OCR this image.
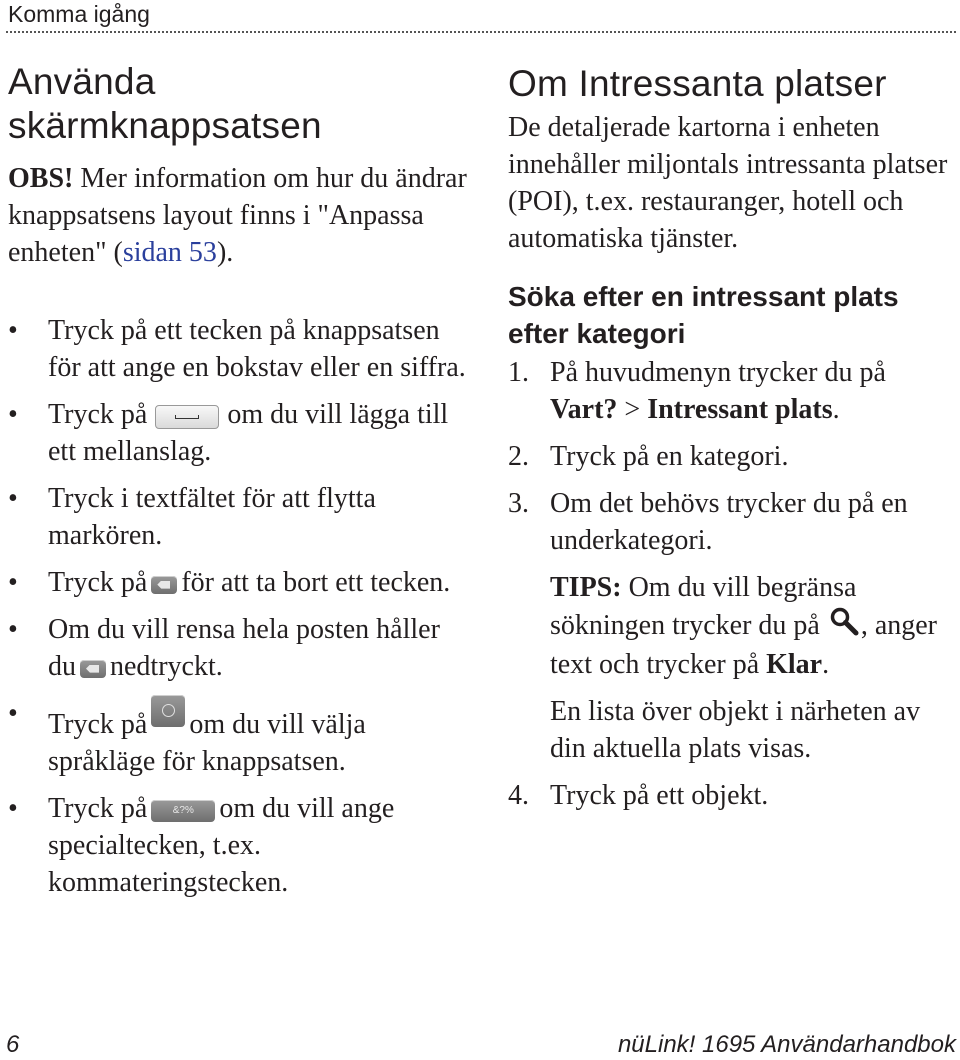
Komma igång
Använda
skärmknappsatsen

OBS! Mer information om hur du ändrar knappsatsens layout finns i "Anpassa enheten" (sidan 53).

•	Tryck på ett tecken på knappsatsen för att ange en bokstav eller en siffra.
•	Tryck på	om du vill lägga till ett mellanslag.
•	Tryck i textfältet för att flytta markören.
•	Tryck på för att ta bort ett tecken.
•	Om du vill rensa hela posten håller du nedtryckt.
•	Tryck på om du vill välja språkläge för knappsatsen.
•	Tryck på	&?% om du vill ange specialtecken, t.ex. kommateringstecken.
Om Intressanta platser

De detaljerade kartorna i enheten innehåller miljontals intressanta platser (POI), t.ex. restauranger, hotell och automatiska tjänster.

Söka efter en intressant plats efter kategori
1. På huvudmenyn trycker du på Vart? > Intressant plats.
2. Tryck på en kategori.
3. Om det behövs trycker du på en underkategori.

TIPS: Om du vill begränsa sökningen trycker du på , anger text och trycker på Klar.

En lista över objekt i närheten av din aktuella plats visas.

4. Tryck på ett objekt.
6	nüLink! 1695 Användarhandbok
